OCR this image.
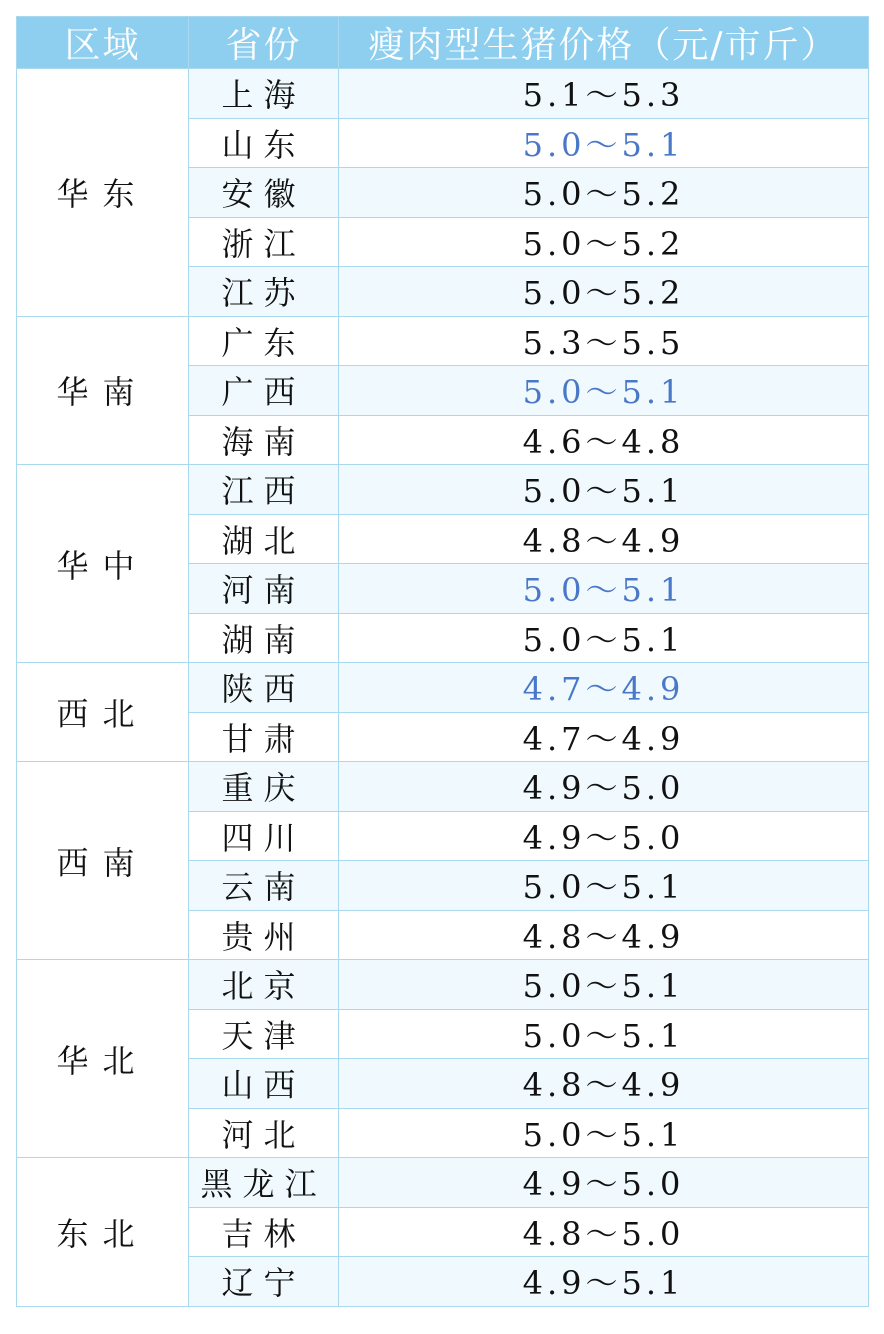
区域	省份	瘦肉型生猪价格（元/市斤）
华东	上海	5.1～5.3
	山东	5.0～5.1
	安徽	5.0～5.2
	浙江	5.0～5.2
	江苏	5.0～5.2
华南	广东	5.3～5.5
	广西	5.0～5.1
	海南	4.6～4.8
华中	江西	5.0～5.1
	湖北	4.8～4.9
	河南	5.0～5.1
	湖南	5.0～5.1
西北	陕西	4.7～4.9
	甘肃	4.7～4.9
西南	重庆	4.9～5.0
	四川	4.9～5.0
	云南	5.0～5.1
	贵州	4.8～4.9
华北	北京	5.0～5.1
	天津	5.0～5.1
	山西	4.8～4.9
	河北	5.0～5.1
东北	黑龙江	4.9～5.0
	吉林	4.8～5.0
	辽宁	4.9～5.1
